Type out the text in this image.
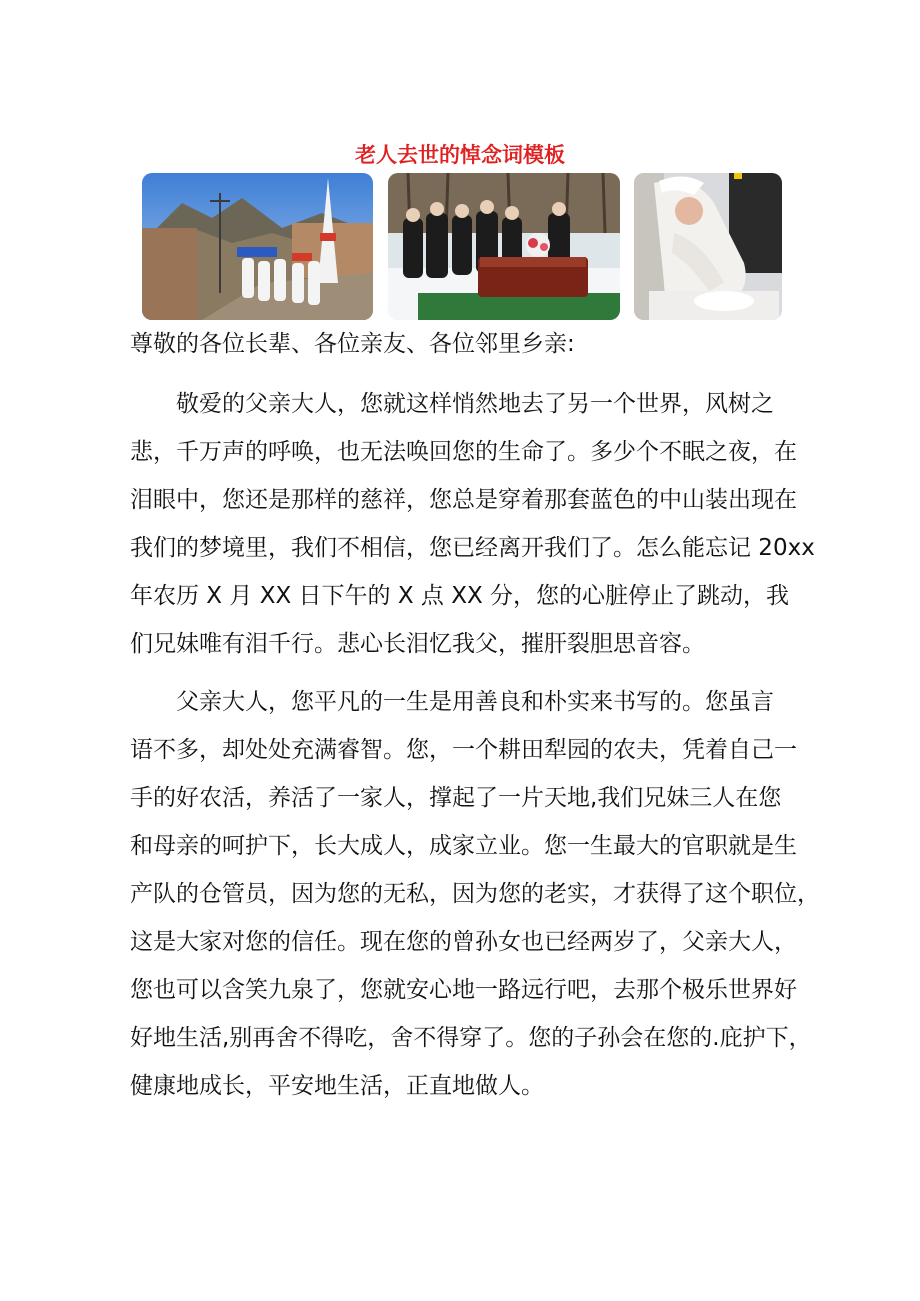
老人去世的悼念词模板
尊敬的各位长辈、各位亲友、各位邻里乡亲:
敬爱的父亲大人，您就这样悄然地去了另一个世界，风树之
悲，千万声的呼唤，也无法唤回您的生命了。多少个不眠之夜，在
泪眼中，您还是那样的慈祥，您总是穿着那套蓝色的中山装出现在
我们的梦境里，我们不相信，您已经离开我们了。怎么能忘记 20xx
年农历 X 月 XX 日下午的 X 点 XX 分，您的心脏停止了跳动，我
们兄妹唯有泪千行。悲心长泪忆我父，摧肝裂胆思音容。
父亲大人，您平凡的一生是用善良和朴实来书写的。您虽言
语不多，却处处充满睿智。您，一个耕田犁园的农夫，凭着自己一
手的好农活，养活了一家人，撑起了一片天地,我们兄妹三人在您
和母亲的呵护下，长大成人，成家立业。您一生最大的官职就是生
产队的仓管员，因为您的无私，因为您的老实，才获得了这个职位，
这是大家对您的信任。现在您的曾孙女也已经两岁了，父亲大人，
您也可以含笑九泉了，您就安心地一路远行吧，去那个极乐世界好
好地生活,别再舍不得吃，舍不得穿了。您的子孙会在您的.庇护下，
健康地成长，平安地生活，正直地做人。
